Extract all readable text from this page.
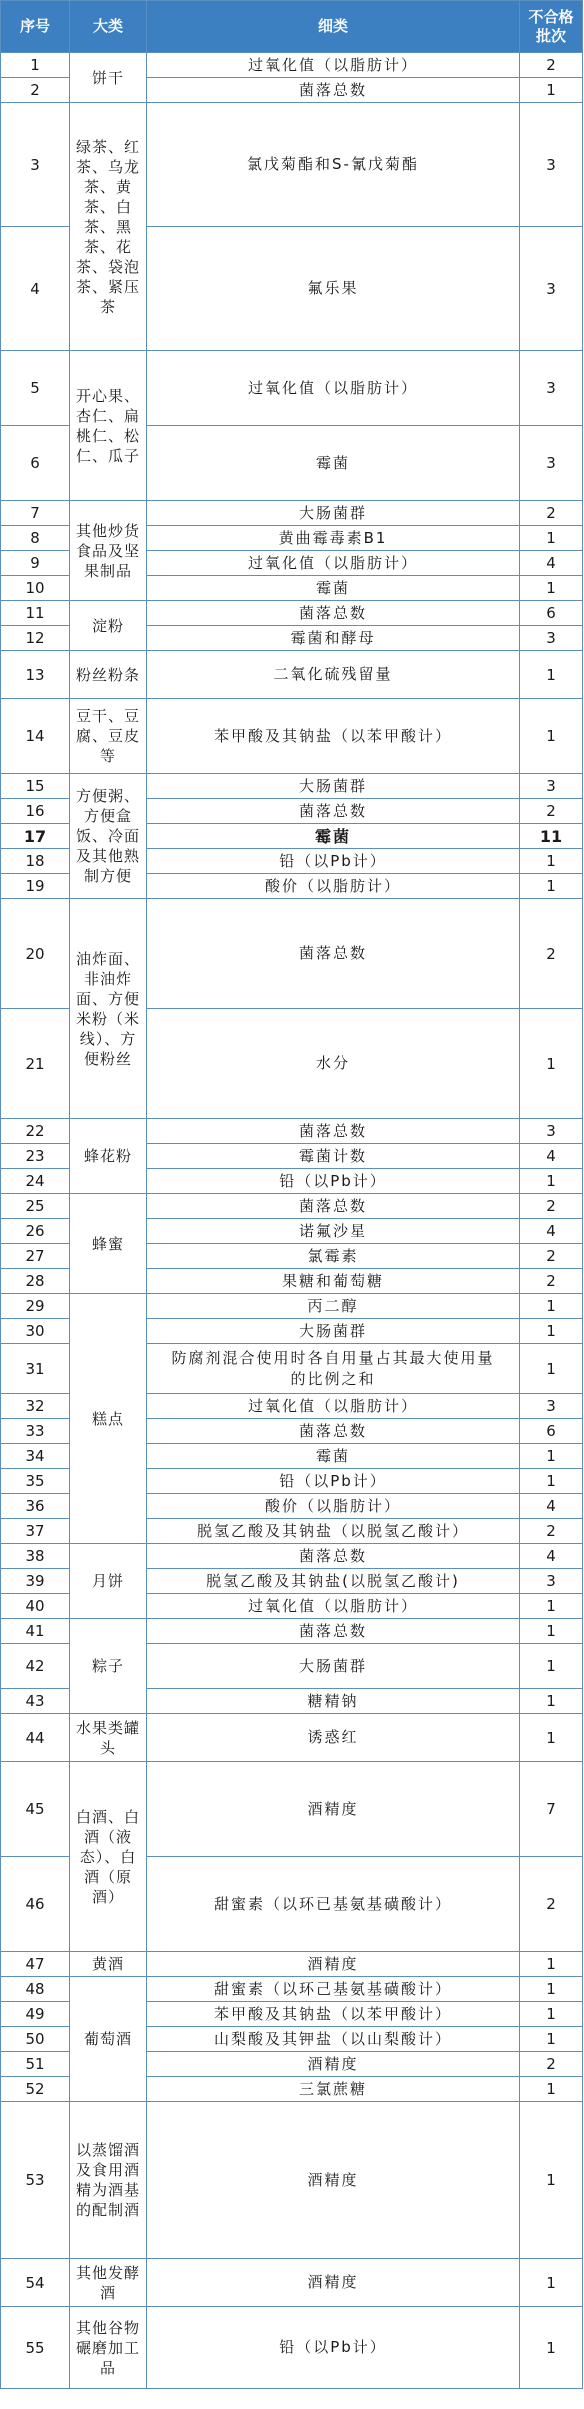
序号	大类	细类	不合格批次
1	饼干	过氧化值（以脂肪计）	2
2		菌落总数	1
3	绿茶、红茶、乌龙茶、黄茶、白茶、黑茶、花茶、袋泡茶、紧压茶	氯戊菊酯和S-氰戊菊酯	3
4		氟乐果	3
5	开心果、杏仁、扁桃仁、松仁、瓜子	过氧化值（以脂肪计）	3
6		霉菌	3
7	其他炒货食品及坚果制品	大肠菌群	2
8		黄曲霉毒素B1	1
9		过氧化值（以脂肪计）	4
10		霉菌	1
11	淀粉	菌落总数	6
12		霉菌和酵母	3
13	粉丝粉条	二氧化硫残留量	1
14	豆干、豆腐、豆皮等	苯甲酸及其钠盐（以苯甲酸计）	1
15	方便粥、方便盒饭、冷面及其他熟制方便	大肠菌群	3
16		菌落总数	2
17		霉菌	11
18		铅（以Pb计）	1
19		酸价（以脂肪计）	1
20	油炸面、非油炸面、方便米粉（米线）、方便粉丝	菌落总数	2
21		水分	1
22	蜂花粉	菌落总数	3
23		霉菌计数	4
24		铅（以Pb计）	1
25	蜂蜜	菌落总数	2
26		诺氟沙星	4
27		氯霉素	2
28		果糖和葡萄糖	2
29	糕点	丙二醇	1
30		大肠菌群	1
31		防腐剂混合使用时各自用量占其最大使用量的比例之和	1
32		过氧化值（以脂肪计）	3
33		菌落总数	6
34		霉菌	1
35		铅（以Pb计）	1
36		酸价（以脂肪计）	4
37		脱氢乙酸及其钠盐（以脱氢乙酸计）	2
38	月饼	菌落总数	4
39		脱氢乙酸及其钠盐(以脱氢乙酸计)	3
40		过氧化值（以脂肪计）	1
41	粽子	菌落总数	1
42		大肠菌群	1
43		糖精钠	1
44	水果类罐头	诱惑红	1
45	白酒、白酒（液态）、白酒（原酒）	酒精度	7
46		甜蜜素（以环已基氨基磺酸计）	2
47	黄酒	酒精度	1
48	葡萄酒	甜蜜素（以环己基氨基磺酸计）	1
49		苯甲酸及其钠盐（以苯甲酸计）	1
50		山梨酸及其钾盐（以山梨酸计）	1
51		酒精度	2
52		三氯蔗糖	1
53	以蒸馏酒及食用酒精为酒基的配制酒	酒精度	1
54	其他发酵酒	酒精度	1
55	其他谷物碾磨加工品	铅（以Pb计）	1
